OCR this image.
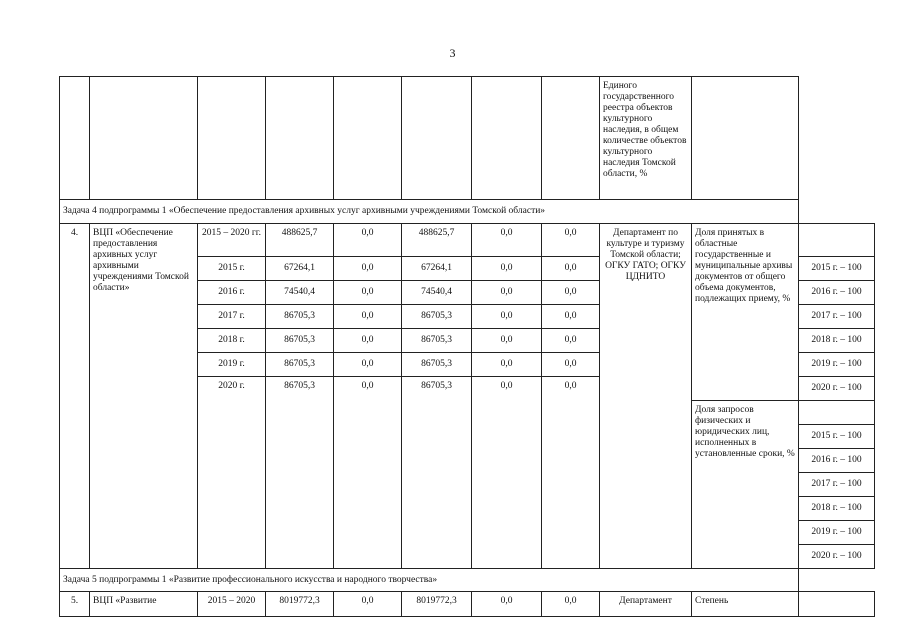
3
								Единого государственного реестра объектов культурного наследия, в общем количестве объектов культурного наследия Томской области, %		
Задача 4 подпрограммы 1 «Обеспечение предоставления архивных услуг архивными учреждениями Томской области»										
4.	ВЦП «Обеспечение предоставления архивных услуг архивными учреждениями Томской области»	2015 – 2020 гг.	488625,7	0,0	488625,7	0,0	0,0	Департамент по культуре и туризму Томской области; ОГКУ ГАТО; ОГКУ ЦДНИТО	Доля принятых в областные государственные и муниципальные архивы документов от общего объема документов, подлежащих приему, %	
		2015 г.	67264,1	0,0	67264,1	0,0	0,0			2015 г. – 100
		2016 г.	74540,4	0,0	74540,4	0,0	0,0			2016 г. – 100
		2017 г.	86705,3	0,0	86705,3	0,0	0,0			2017 г. – 100
		2018 г.	86705,3	0,0	86705,3	0,0	0,0			2018 г. – 100
		2019 г.	86705,3	0,0	86705,3	0,0	0,0			2019 г. – 100
		2020 г.	86705,3	0,0	86705,3	0,0	0,0			2020 г. – 100
									Доля запросов физических и юридических лиц, исполненных в установленные сроки, %	
										2015 г. – 100
										2016 г. – 100
										2017 г. – 100
										2018 г. – 100
										2019 г. – 100
										2020 г. – 100
Задача 5 подпрограммы 1 «Развитие профессионального искусства и народного творчества»										
5.	ВЦП «Развитие	2015 – 2020	8019772,3	0,0	8019772,3	0,0	0,0	Департамент	Степень	
